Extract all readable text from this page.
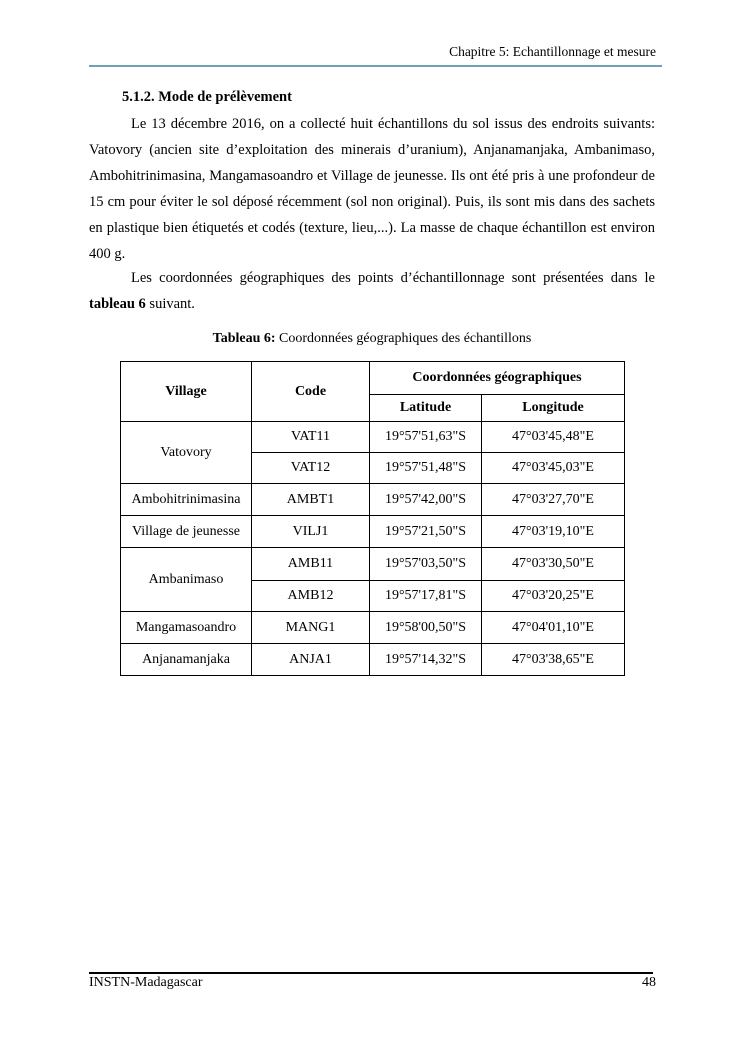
Chapitre 5: Echantillonnage et mesure
5.1.2. Mode de prélèvement
Le 13 décembre 2016, on a collecté huit échantillons du sol issus des endroits suivants: Vatovory (ancien site d’exploitation des minerais d’uranium), Anjanamanjaka, Ambanimaso, Ambohitrinimasina, Mangamasoandro et Village de jeunesse. Ils ont été pris à une profondeur de 15 cm pour éviter le sol déposé récemment (sol non original). Puis, ils sont mis dans des sachets en plastique bien étiquetés et codés (texture, lieu,...). La masse de chaque échantillon est environ 400 g.
Les coordonnées géographiques des points d’échantillonnage sont présentées dans le tableau 6 suivant.
Tableau 6: Coordonnées géographiques des échantillons
Village	Code	Coordonnées géographiques	
		Latitude	Longitude
Vatovory	VAT11	19°57'51,63"S	47°03'45,48"E
	VAT12	19°57'51,48"S	47°03'45,03"E
Ambohitrinimasina	AMBT1	19°57'42,00"S	47°03'27,70"E
Village de jeunesse	VILJ1	19°57'21,50"S	47°03'19,10"E
Ambanimaso	AMB11	19°57'03,50"S	47°03'30,50"E
	AMB12	19°57'17,81"S	47°03'20,25"E
Mangamasoandro	MANG1	19°58'00,50"S	47°04'01,10"E
Anjanamanjaka	ANJA1	19°57'14,32"S	47°03'38,65"E
INSTN-Madagascar	48
